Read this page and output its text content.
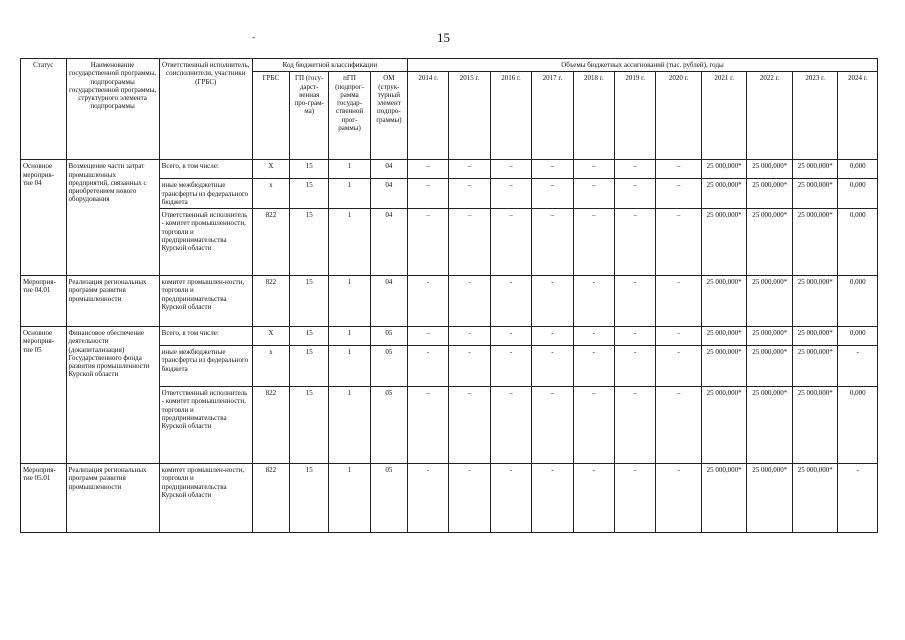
-	15
Статус	Наименование государственной программы, подпрограммы государственной программы, структурного элемента подпрограммы	Ответственный исполнитель, соисполнители, участники (ГРБС)	Код бюджетной классификации				Объемы бюджетных ассигнований (тыс. рублей), годы										
			ГРБС	ГП (госу-дарст-венная про-грам-ма)	пГП (подпрог-рамма государ-ственной прог-раммы)	ОМ (струк-турный элемент подпро-граммы)	2014 г.	2015 г.	2016 г.	2017 г.	2018 г.	2019 г.	2020 г.	2021 г.	2022 г.	2023 г.	2024 г.
Основное мероприя-тие 04	Возмещение части затрат промышленных предприятий, связанных с приобретением нового оборудования	Всего, в том числе:	Х	15	1	04	–	–	–	–	–	–	–	25 000,000*	25 000,000*	25 000,000*	0,000
		иные межбюджетные трансферты из федерального бюджета	х	15	1	04	–	–	–	–	–	–	–	25 000,000*	25 000,000*	25 000,000*	0,000
		Ответственный исполнитель - комитет промышленности, торговли и предпринимательства Курской области	822	15	1	04	–	–	–	–	–	–	–	25 000,000*	25 000,000*	25 000,000*	0,000
Мероприя-тие 04.01	Реализация региональных программ развития промышленности	комитет промышлен-ности, торговли и предпринимательства Курской области	822	15	1	04	-	-	-	-	-	-	-	25 000,000*	25 000,000*	25 000,000*	0,000
Основное меропрня-тие 05	Финансовое обеспечение деятельности (докапитализация) Государственного фонда развития промышленности Курской области	Всего, в том числе:	Х	15	1	05	–	-	-	-	-	-	-	25 000,000*	25 000,000*	25 000,000*	0,000
		иные межбюджетные трансферты из федерального бюджета	х	15	1	05	-	-	-	-	-	-	-	25 000,000*	25 000,000*	25 000,000*	-
		Ответственный исполнитель - комитет промышленности, торговли и предпринимательства Курской области	822	15	1	05	–	–	–	–	–	–	–	25 000,000*	25 000,000*	25 000,000*	0,000
Мероприя-тие 05.01	Реализация региональных программ развития промышленности	комитет промышлен-ности, торговли и предпринимательства Курской области	822	15	1	05	-	-	-	-	-	-	-	25 000,000*	25 000,000*	25 000,000*	-
